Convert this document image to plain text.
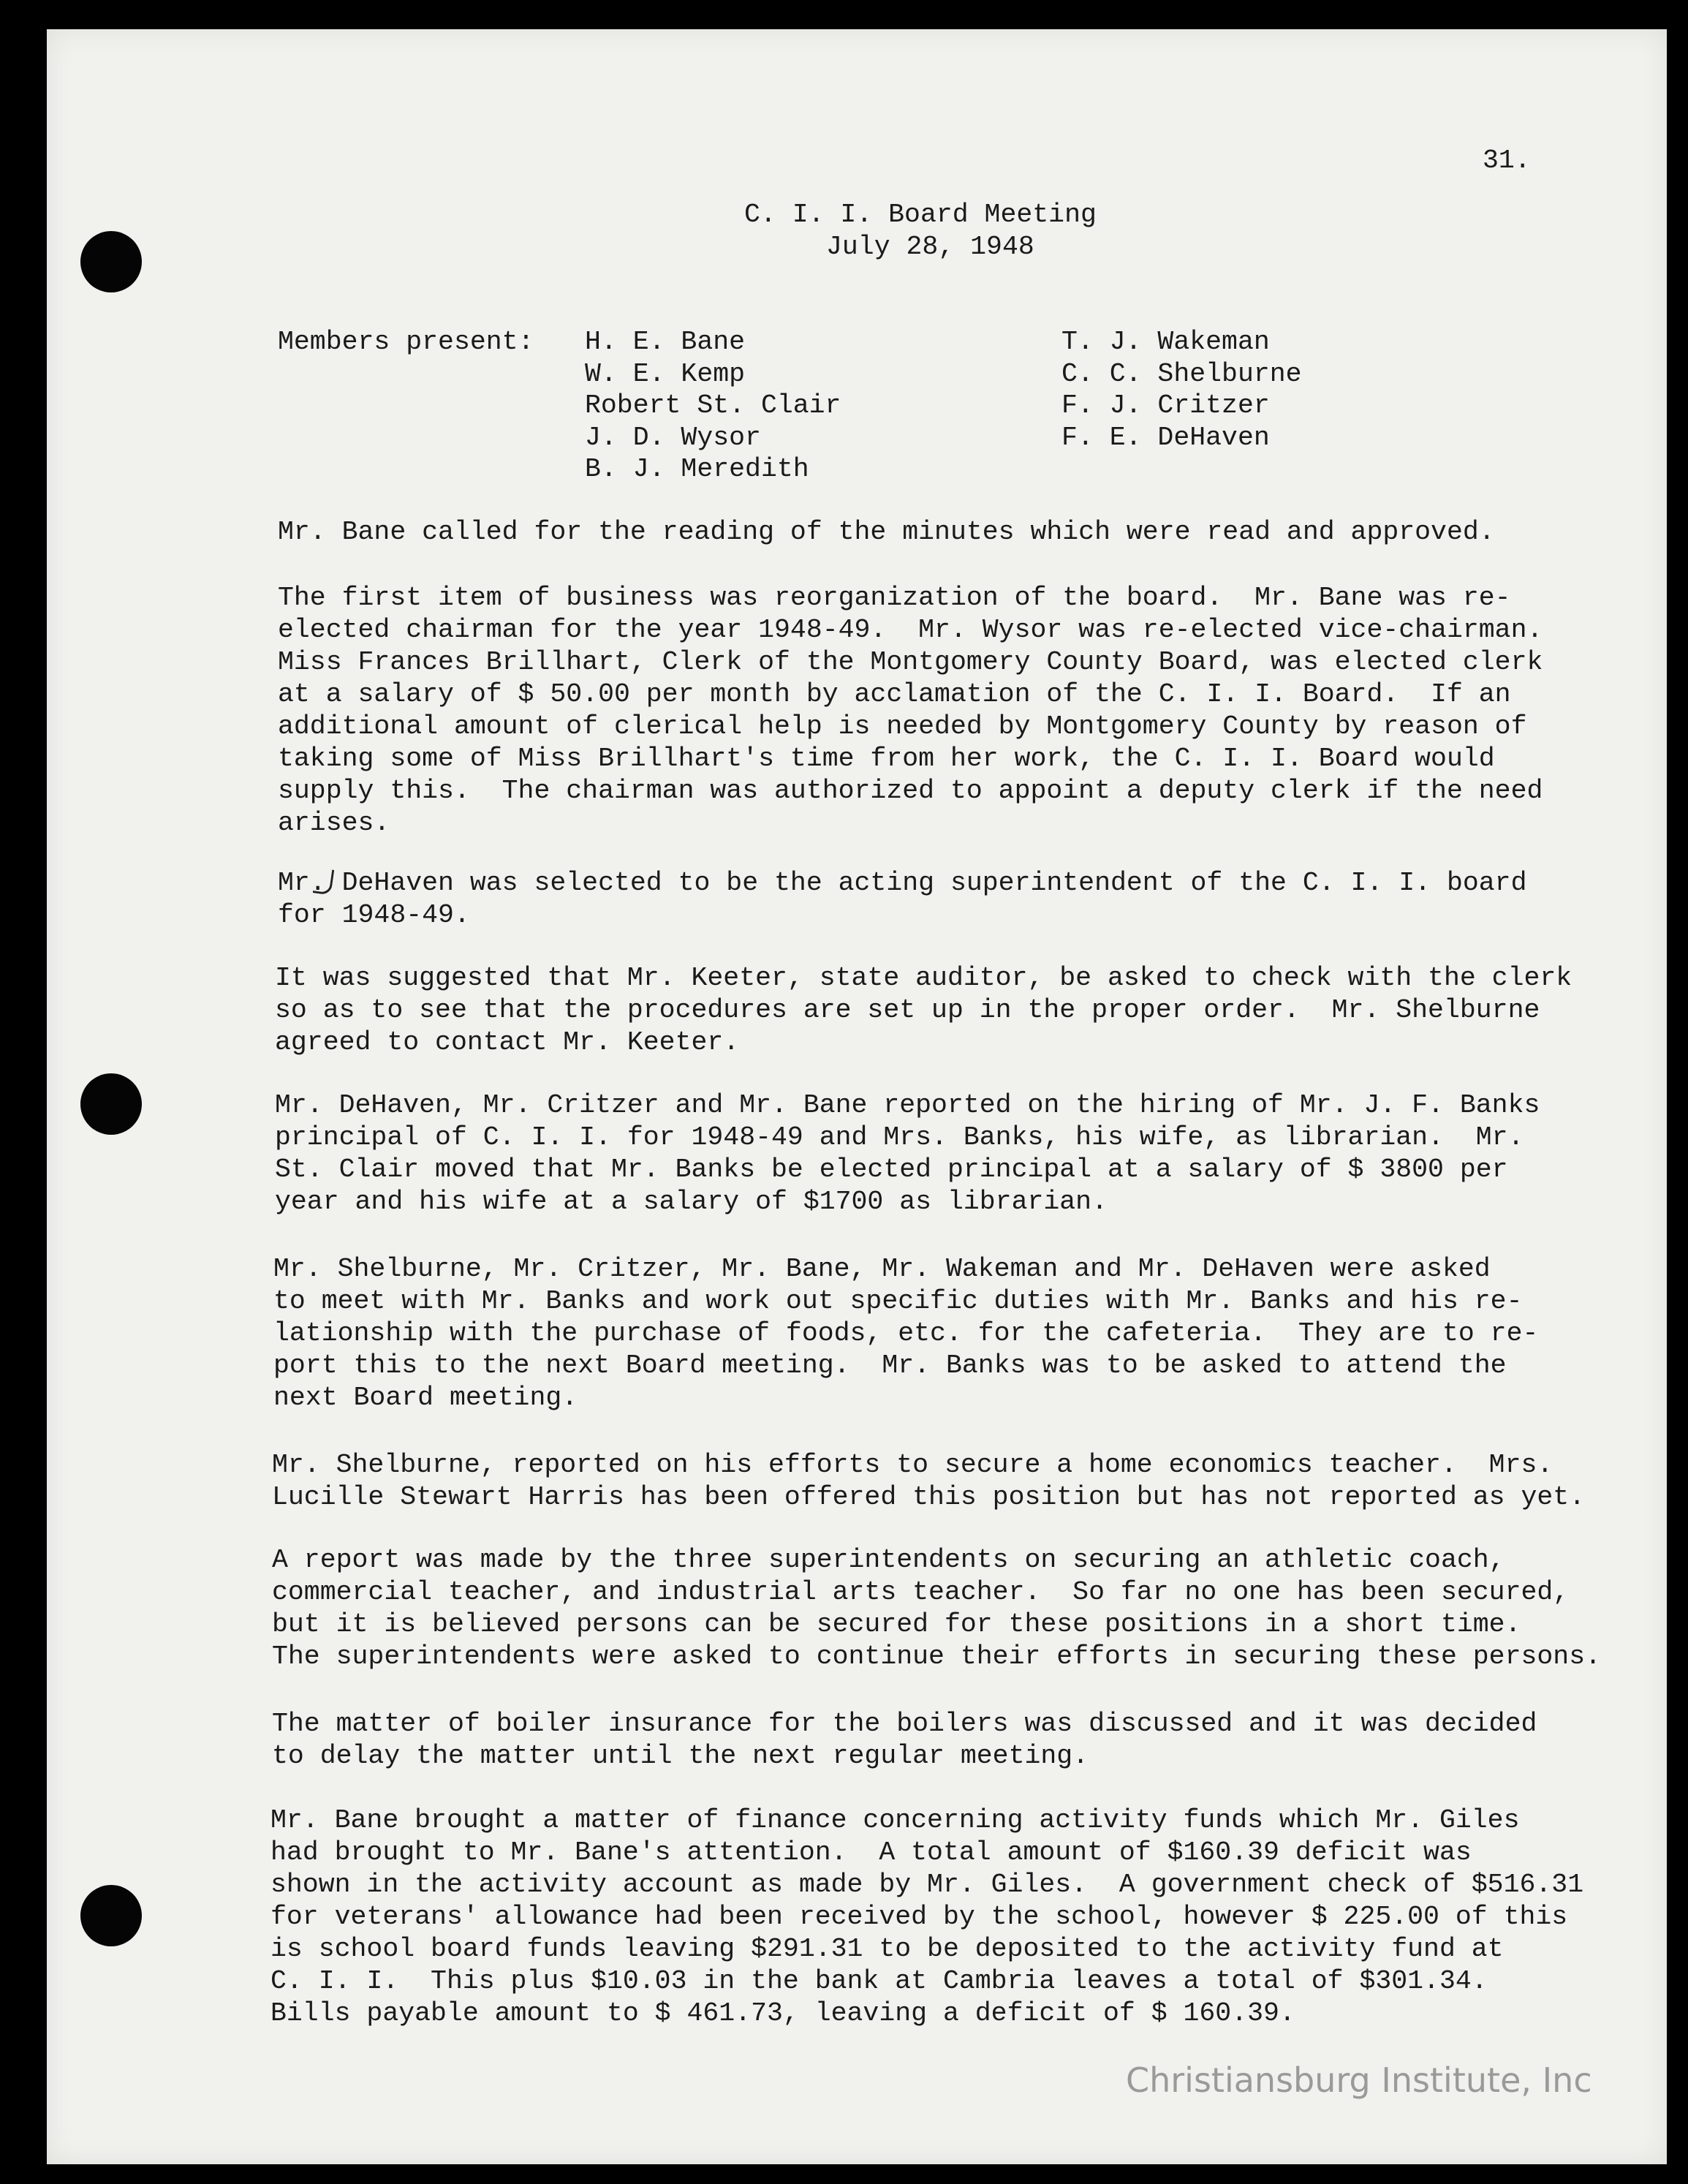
31.
C. I. I. Board Meeting
July 28, 1948
Members present: H. E. Bane
W. E. Kemp
Robert St. Clair
J. D. Wysor
B. J. Meredith
T. J. Wakeman
C. C. Shelburne
F. J. Critzer
F. E. DeHaven

Mr. Bane called for the reading of the minutes which were read and approved.

The first item of business was reorganization of the board.  Mr. Bane was re-
elected chairman for the year 1948-49.  Mr. Wysor was re-elected vice-chairman.
Miss Frances Brillhart, Clerk of the Montgomery County Board, was elected clerk
at a salary of $ 50.00 per month by acclamation of the C. I. I. Board.  If an
additional amount of clerical help is needed by Montgomery County by reason of
taking some of Miss Brillhart's time from her work, the C. I. I. Board would
supply this.  The chairman was authorized to appoint a deputy clerk if the need
arises.

Mr. DeHaven was selected to be the acting superintendent of the C. I. I. board
for 1948-49.

It was suggested that Mr. Keeter, state auditor, be asked to check with the clerk
so as to see that the procedures are set up in the proper order.  Mr. Shelburne
agreed to contact Mr. Keeter.

Mr. DeHaven, Mr. Critzer and Mr. Bane reported on the hiring of Mr. J. F. Banks
principal of C. I. I. for 1948-49 and Mrs. Banks, his wife, as librarian.  Mr.
St. Clair moved that Mr. Banks be elected principal at a salary of $ 3800 per
year and his wife at a salary of $1700 as librarian.

Mr. Shelburne, Mr. Critzer, Mr. Bane, Mr. Wakeman and Mr. DeHaven were asked
to meet with Mr. Banks and work out specific duties with Mr. Banks and his re-
lationship with the purchase of foods, etc. for the cafeteria.  They are to re-
port this to the next Board meeting.  Mr. Banks was to be asked to attend the
next Board meeting.

Mr. Shelburne, reported on his efforts to secure a home economics teacher.  Mrs.
Lucille Stewart Harris has been offered this position but has not reported as yet.

A report was made by the three superintendents on securing an athletic coach,
commercial teacher, and industrial arts teacher.  So far no one has been secured,
but it is believed persons can be secured for these positions in a short time.
The superintendents were asked to continue their efforts in securing these persons.

The matter of boiler insurance for the boilers was discussed and it was decided
to delay the matter until the next regular meeting.

Mr. Bane brought a matter of finance concerning activity funds which Mr. Giles
had brought to Mr. Bane's attention.  A total amount of $160.39 deficit was
shown in the activity account as made by Mr. Giles.  A government check of $516.31
for veterans' allowance had been received by the school, however $ 225.00 of this
is school board funds leaving $291.31 to be deposited to the activity fund at
C. I. I.  This plus $10.03 in the bank at Cambria leaves a total of $301.34.
Bills payable amount to $ 461.73, leaving a deficit of $ 160.39.

Christiansburg Institute, Inc
